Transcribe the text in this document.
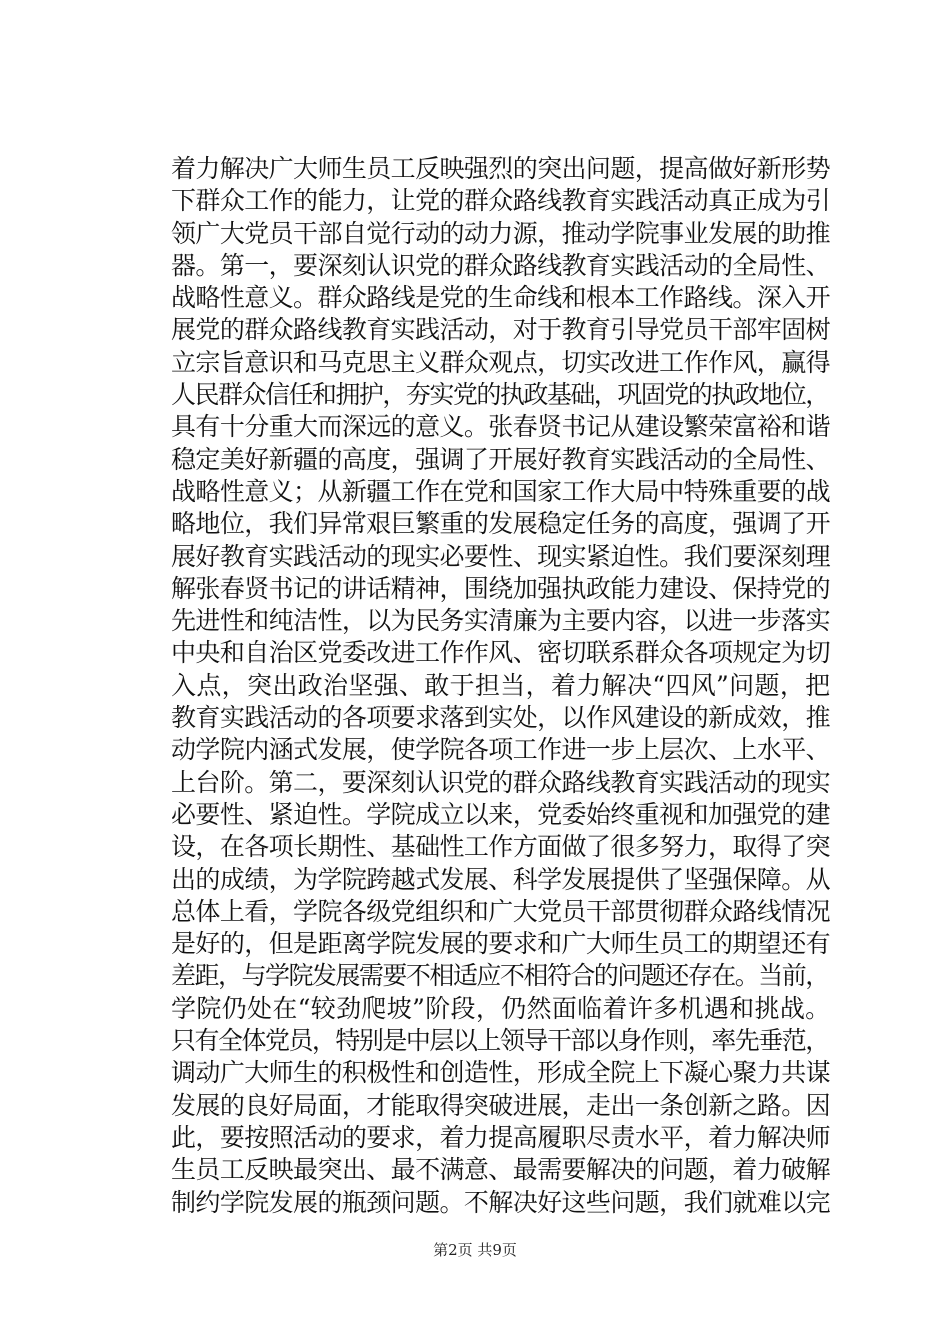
着力解决广大师生员工反映强烈的突出问题，提高做好新形势
下群众工作的能力，让党的群众路线教育实践活动真正成为引
领广大党员干部自觉行动的动力源，推动学院事业发展的助推
器。第一，要深刻认识党的群众路线教育实践活动的全局性、
战略性意义。群众路线是党的生命线和根本工作路线。深入开
展党的群众路线教育实践活动，对于教育引导党员干部牢固树
立宗旨意识和马克思主义群众观点，切实改进工作作风，赢得
人民群众信任和拥护，夯实党的执政基础，巩固党的执政地位，
具有十分重大而深远的意义。张春贤书记从建设繁荣富裕和谐
稳定美好新疆的高度，强调了开展好教育实践活动的全局性、
战略性意义；从新疆工作在党和国家工作大局中特殊重要的战
略地位，我们异常艰巨繁重的发展稳定任务的高度，强调了开
展好教育实践活动的现实必要性、现实紧迫性。我们要深刻理
解张春贤书记的讲话精神，围绕加强执政能力建设、保持党的
先进性和纯洁性，以为民务实清廉为主要内容，以进一步落实
中央和自治区党委改进工作作风、密切联系群众各项规定为切
入点，突出政治坚强、敢于担当，着力解决“四风”问题，把
教育实践活动的各项要求落到实处，以作风建设的新成效，推
动学院内涵式发展，使学院各项工作进一步上层次、上水平、
上台阶。第二，要深刻认识党的群众路线教育实践活动的现实
必要性、紧迫性。学院成立以来，党委始终重视和加强党的建
设，在各项长期性、基础性工作方面做了很多努力，取得了突
出的成绩，为学院跨越式发展、科学发展提供了坚强保障。从
总体上看，学院各级党组织和广大党员干部贯彻群众路线情况
是好的，但是距离学院发展的要求和广大师生员工的期望还有
差距，与学院发展需要不相适应不相符合的问题还存在。当前，
学院仍处在“较劲爬坡”阶段，仍然面临着许多机遇和挑战。
只有全体党员，特别是中层以上领导干部以身作则，率先垂范，
调动广大师生的积极性和创造性，形成全院上下凝心聚力共谋
发展的良好局面，才能取得突破进展，走出一条创新之路。因
此，要按照活动的要求，着力提高履职尽责水平，着力解决师
生员工反映最突出、最不满意、最需要解决的问题，着力破解
制约学院发展的瓶颈问题。不解决好这些问题，我们就难以完
第2页 共9页
